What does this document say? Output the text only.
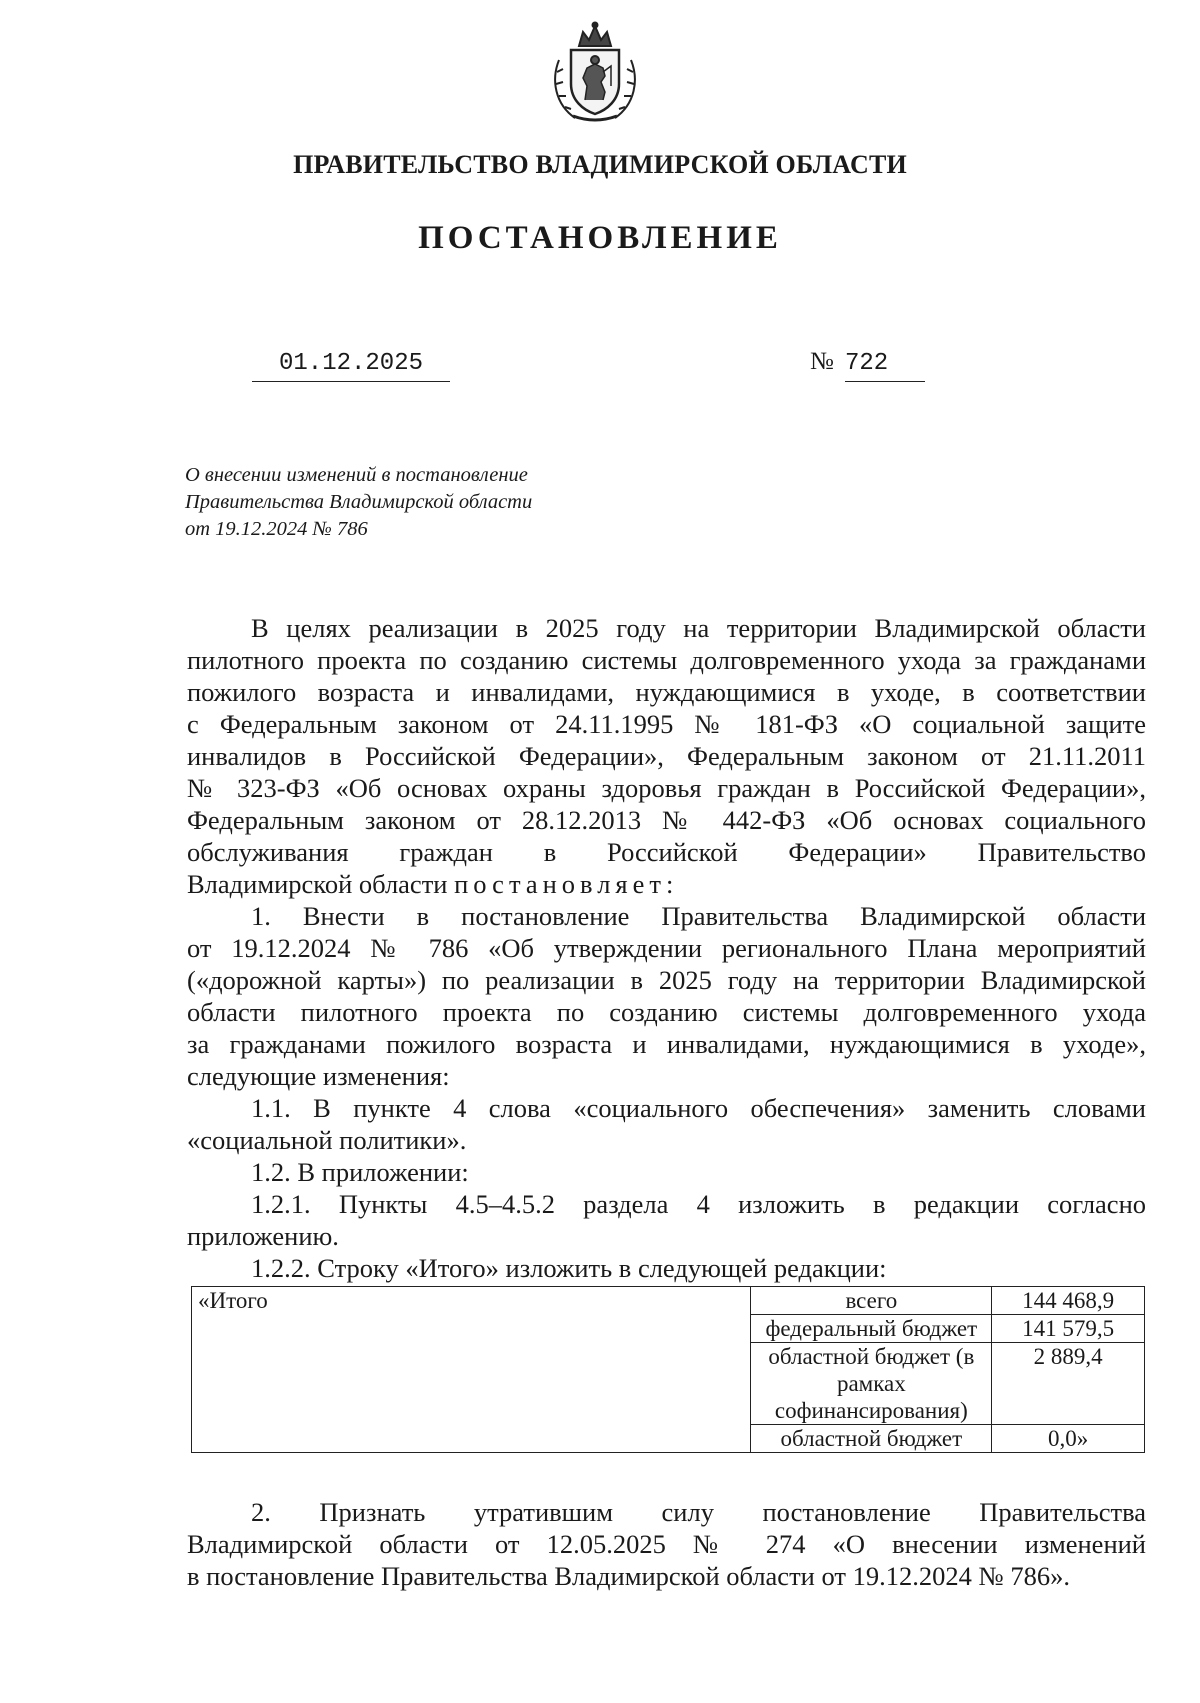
ПРАВИТЕЛЬСТВО ВЛАДИМИРСКОЙ ОБЛАСТИ
ПОСТАНОВЛЕНИЕ
01.12.2025	№ 722
О внесении изменений в постановление
Правительства Владимирской области
от 19.12.2024 № 786
В целях реализации в 2025 году на территории Владимирской области
пилотного проекта по созданию системы долговременного ухода за гражданами
пожилого возраста и инвалидами, нуждающимися в уходе, в соответствии
с Федеральным законом от 24.11.1995 № 181-ФЗ «О социальной защите
инвалидов в Российской Федерации», Федеральным законом от 21.11.2011
№ 323-ФЗ «Об основах охраны здоровья граждан в Российской Федерации»,
Федеральным законом от 28.12.2013 № 442-ФЗ «Об основах социального
обслуживания граждан в Российской Федерации» Правительство
Владимирской области постановляет:
1. Внести в постановление Правительства Владимирской области
от 19.12.2024 № 786 «Об утверждении регионального Плана мероприятий
(«дорожной карты») по реализации в 2025 году на территории Владимирской
области пилотного проекта по созданию системы долговременного ухода
за гражданами пожилого возраста и инвалидами, нуждающимися в уходе»,
следующие изменения:
1.1. В пункте 4 слова «социального обеспечения» заменить словами
«социальной политики».
1.2. В приложении:
1.2.1. Пункты 4.5–4.5.2 раздела 4 изложить в редакции согласно
приложению.
1.2.2. Строку «Итого» изложить в следующей редакции:
«Итого	всего	144 468,9
	федеральный бюджет	141 579,5
	областной бюджет (в рамках софинансирования)	2 889,4
	областной бюджет	0,0»
2. Признать утратившим силу постановление Правительства
Владимирской области от 12.05.2025 № 274 «О внесении изменений
в постановление Правительства Владимирской области от 19.12.2024 № 786».
